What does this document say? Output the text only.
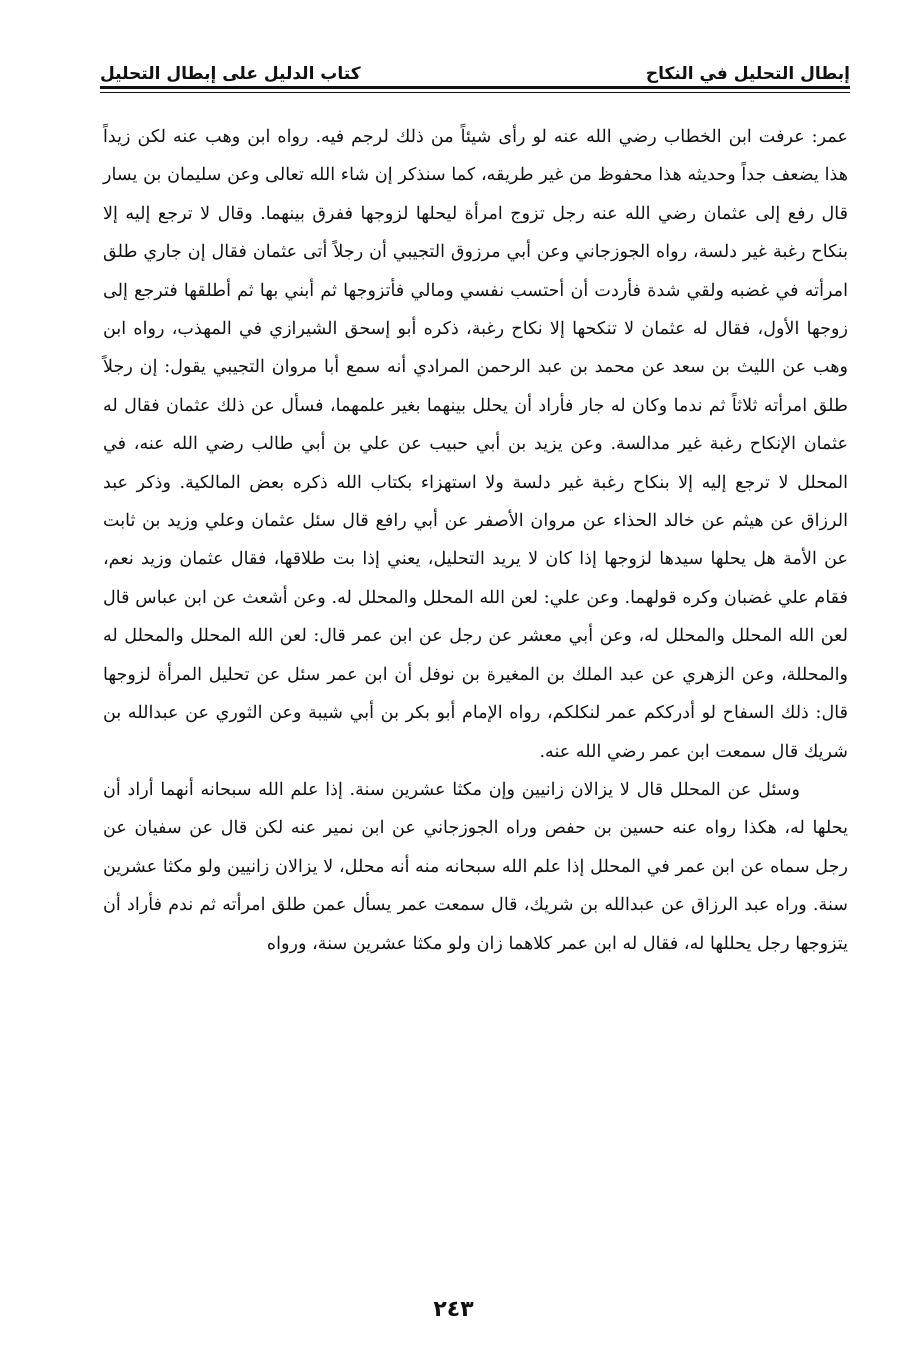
إبطال التحليل في النكاح
كتاب الدليل على إبطال التحليل

عمر: عرفت ابن الخطاب رضي الله عنه لو رأى شيئاً من ذلك لرجم فيه. رواه ابن وهب عنه لكن زيداً هذا يضعف جداً وحديثه هذا محفوظ من غير طريقه، كما سنذكر إن شاء الله تعالى وعن سليمان بن يسار قال رفع إلى عثمان رضي الله عنه رجل تزوج امرأة ليحلها لزوجها ففرق بينهما. وقال لا ترجع إليه إلا بنكاح رغبة غير دلسة، رواه الجوزجاني وعن أبي مرزوق التجيبي أن رجلاً أتى عثمان فقال إن جاري طلق امرأته في غضبه ولقي شدة فأردت أن أحتسب نفسي ومالي فأتزوجها ثم أبني بها ثم أطلقها فترجع إلى زوجها الأول، فقال له عثمان لا تنكحها إلا نكاح رغبة، ذكره أبو إسحق الشيرازي في المهذب، رواه ابن وهب عن الليث بن سعد عن محمد بن عبد الرحمن المرادي أنه سمع أبا مروان التجيبي يقول: إن رجلاً طلق امرأته ثلاثاً ثم ندما وكان له جار فأراد أن يحلل بينهما بغير علمهما، فسأل عن ذلك عثمان فقال له عثمان الإنكاح رغبة غير مدالسة. وعن يزيد بن أبي حبيب عن علي بن أبي طالب رضي الله عنه، في المحلل لا ترجع إليه إلا بنكاح رغبة غير دلسة ولا استهزاء بكتاب الله ذكره بعض المالكية. وذكر عبد الرزاق عن هيثم عن خالد الحذاء عن مروان الأصفر عن أبي رافع قال سئل عثمان وعلي وزيد بن ثابت عن الأمة هل يحلها سيدها لزوجها إذا كان لا يريد التحليل، يعني إذا بت طلاقها، فقال عثمان وزيد نعم، فقام علي غضبان وكره قولهما. وعن علي: لعن الله المحلل والمحلل له. وعن أشعث عن ابن عباس قال لعن الله المحلل والمحلل له، وعن أبي معشر عن رجل عن ابن عمر قال: لعن الله المحلل والمحلل له والمحللة، وعن الزهري عن عبد الملك بن المغيرة بن نوفل أن ابن عمر سئل عن تحليل المرأة لزوجها قال: ذلك السفاح لو أدرككم عمر لنكلكم، رواه الإمام أبو بكر بن أبي شيبة وعن الثوري عن عبدالله بن شريك قال سمعت ابن عمر رضي الله عنه.

وسئل عن المحلل قال لا يزالان زانيين وإن مكثا عشرين سنة. إذا علم الله سبحانه أنهما أراد أن يحلها له، هكذا رواه عنه حسين بن حفص وراه الجوزجاني عن ابن نمير عنه لكن قال عن سفيان عن رجل سماه عن ابن عمر في المحلل إذا علم الله سبحانه منه أنه محلل، لا يزالان زانيين ولو مكثا عشرين سنة. وراه عبد الرزاق عن عبدالله بن شريك، قال سمعت عمر يسأل عمن طلق امرأته ثم ندم فأراد أن يتزوجها رجل يحللها له، فقال له ابن عمر كلاهما زان ولو مكثا عشرين سنة، ورواه

٢٤٣
